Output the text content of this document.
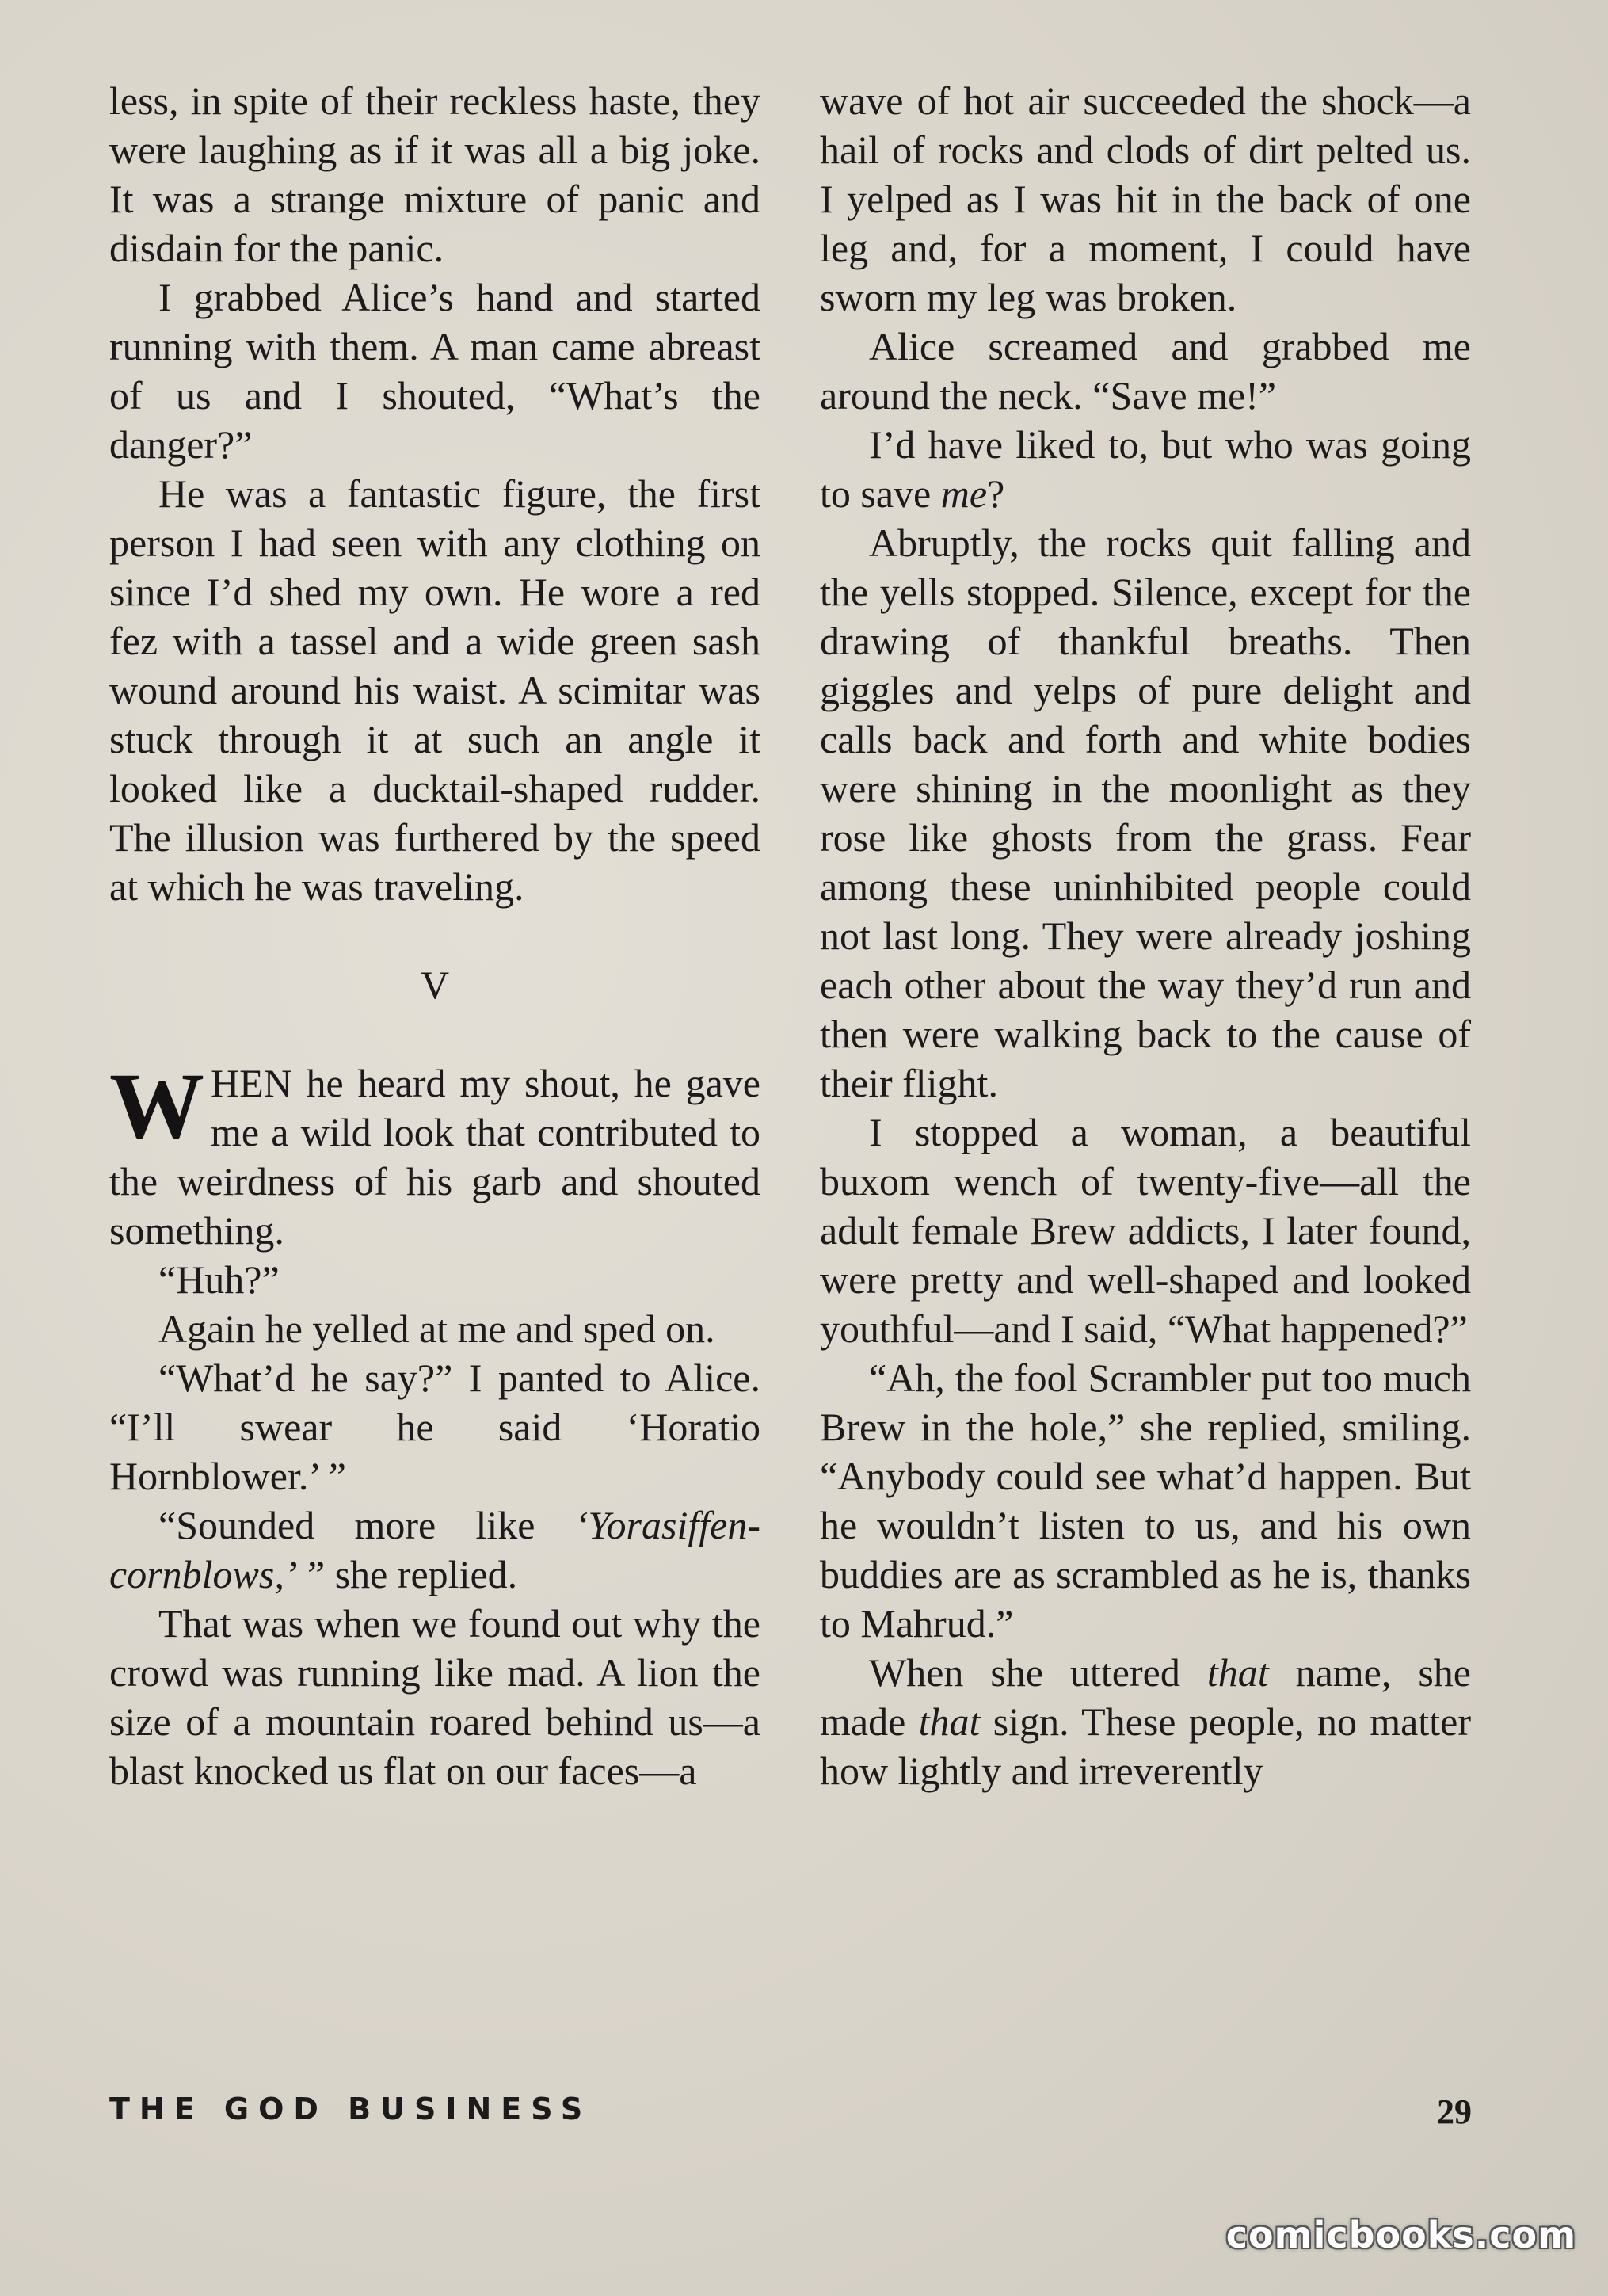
less, in spite of their reckless haste, they were laughing as if it was all a big joke. It was a strange mixture of panic and disdain for the panic.

I grabbed Alice’s hand and started running with them. A man came abreast of us and I shouted, “What’s the danger?”

He was a fantastic figure, the first person I had seen with any clothing on since I’d shed my own. He wore a red fez with a tassel and a wide green sash wound around his waist. A scimitar was stuck through it at such an angle it looked like a ducktail-shaped rudder. The illusion was furthered by the speed at which he was traveling.

V

WHEN he heard my shout, he gave me a wild look that contributed to the weirdness of his garb and shouted something.

“Huh?”

Again he yelled at me and sped on.

“What’d he say?” I panted to Alice. “I’ll swear he said ‘Horatio Hornblower.’ ”

“Sounded more like ‘Yorasiffen-cornblows,’ ” she replied.

That was when we found out why the crowd was running like mad. A lion the size of a mountain roared behind us—a blast knocked us flat on our faces—a

wave of hot air succeeded the shock—a hail of rocks and clods of dirt pelted us. I yelped as I was hit in the back of one leg and, for a moment, I could have sworn my leg was broken.

Alice screamed and grabbed me around the neck. “Save me!”

I’d have liked to, but who was going to save me?

Abruptly, the rocks quit falling and the yells stopped. Silence, except for the drawing of thankful breaths. Then giggles and yelps of pure delight and calls back and forth and white bodies were shining in the moonlight as they rose like ghosts from the grass. Fear among these uninhibited people could not last long. They were already joshing each other about the way they’d run and then were walking back to the cause of their flight.

I stopped a woman, a beautiful buxom wench of twenty-five—all the adult female Brew addicts, I later found, were pretty and well-shaped and looked youthful—and I said, “What happened?”

“Ah, the fool Scrambler put too much Brew in the hole,” she replied, smiling. “Anybody could see what’d happen. But he wouldn’t listen to us, and his own buddies are as scrambled as he is, thanks to Mahrud.”

When she uttered that name, she made that sign. These people, no matter how lightly and irreverently

THE GOD BUSINESS	29
comicbooks.com
